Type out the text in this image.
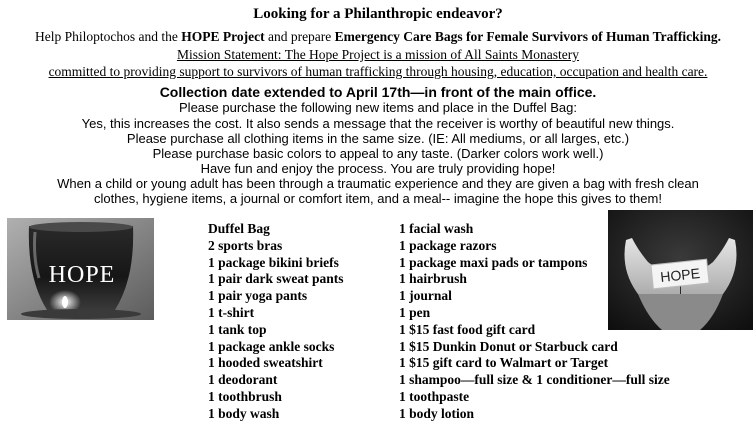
Looking for a Philanthropic endeavor?
Help Philoptochos and the HOPE Project and prepare Emergency Care Bags for Female Survivors of Human Trafficking.
Mission Statement: The Hope Project is a mission of All Saints Monastery
committed to providing support to survivors of human trafficking through housing, education, occupation and health care.
Collection date extended to April 17th—in front of the main office.
Please purchase the following new items and place in the Duffel Bag:
Yes, this increases the cost. It also sends a message that the receiver is worthy of beautiful new things.
Please purchase all clothing items in the same size. (IE: All mediums, or all larges, etc.)
Please purchase basic colors to appeal to any taste. (Darker colors work well.)
Have fun and enjoy the process. You are truly providing hope!
When a child or young adult has been through a traumatic experience and they are given a bag with fresh clean
clothes, hygiene items, a journal or comfort item, and a meal-- imagine the hope this gives to them!
HOPE	HOPE
Duffel Bag
2 sports bras
1 package bikini briefs
1 pair dark sweat pants
1 pair yoga pants
1 t-shirt
1 tank top
1 package ankle socks
1 hooded sweatshirt
1 deodorant
1 toothbrush
1 body wash
1 facial wash
1 package razors
1 package maxi pads or tampons
1 hairbrush
1 journal
1 pen
1 $15 fast food gift card
1 $15 Dunkin Donut or Starbuck card
1 $15 gift card to Walmart or Target
1 shampoo—full size & 1 conditioner—full size
1 toothpaste
1 body lotion
